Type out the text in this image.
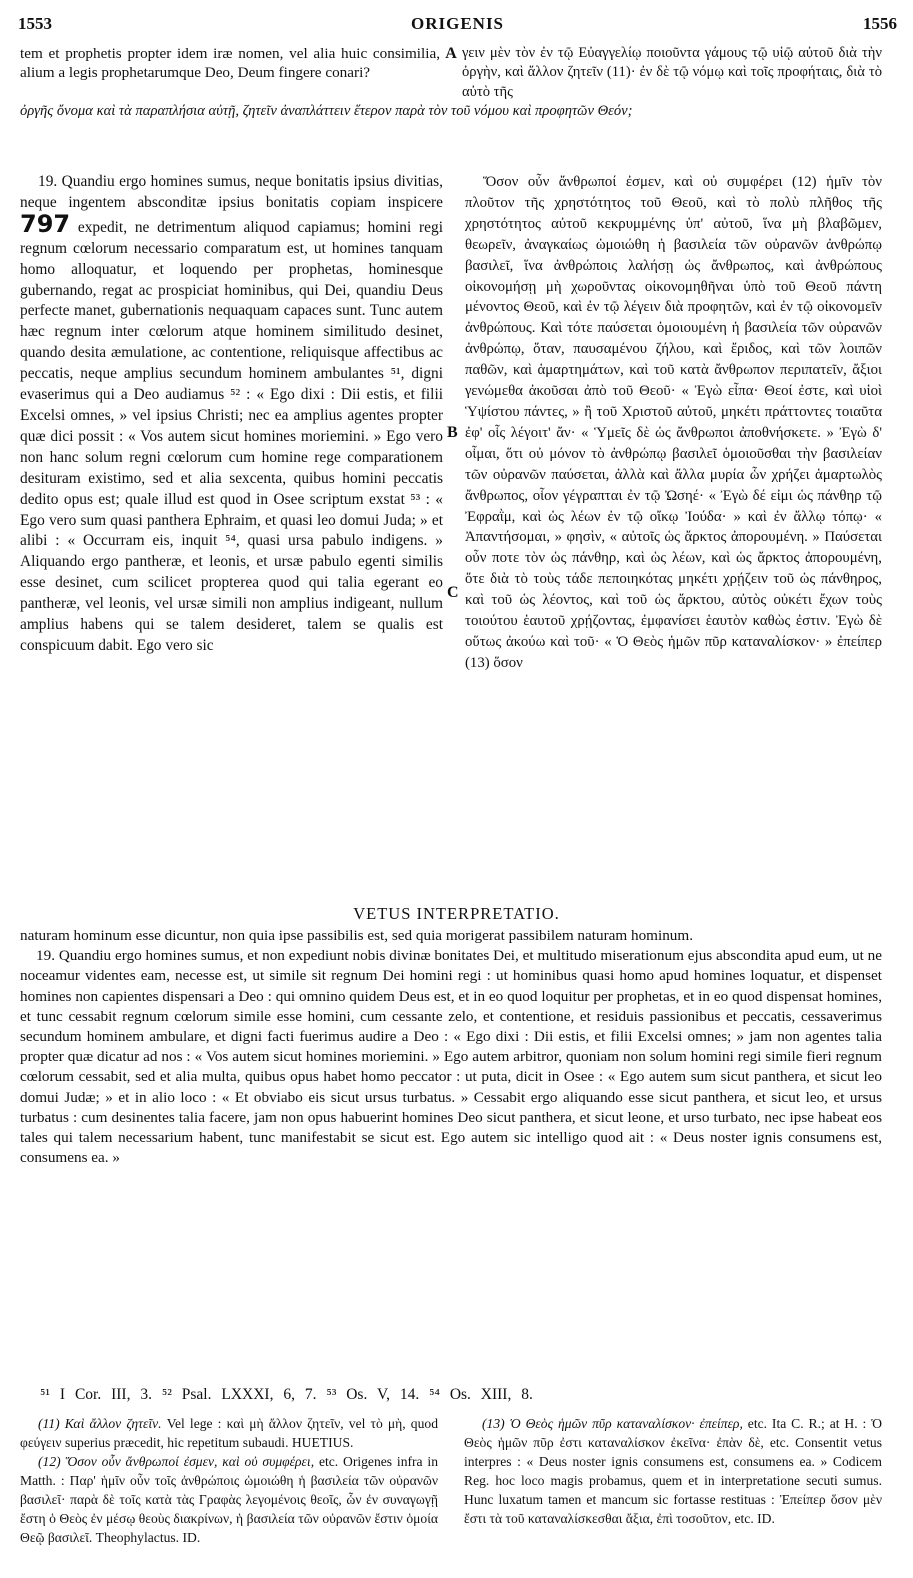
1553	ORIGENIS	1556
tem et prophetis propter idem iræ nomen, vel alia huic consimilia, alium a legis prophetarumque Deo, Deum fingere conari?
A γειν μὲν τὸν ἐν τῷ Εὐαγγελίῳ ποιοῦντα γάμους τῷ υἱῷ αὐτοῦ διὰ τὴν ὀργὴν, καὶ ἄλλον ζητεῖν (11)· ἐν δὲ τῷ νόμῳ καὶ τοῖς προφήταις, διὰ τὸ αὐτὸ τῆς
ὀργῆς ὄνομα καὶ τὰ παραπλήσια αὐτῇ, ζητεῖν ἀναπλάττειν ἕτερον παρὰ τὸν τοῦ νόμου καὶ προφητῶν Θεόν;

19. Quandiu ergo homines sumus, neque bonitatis ipsius divitias, neque ingentem absconditæ ipsius bonitatis copiam inspicere 797 expedit, ne detrimentum aliquod capiamus; homini regi regnum cœlorum necessario comparatum est, ut homines tanquam homo alloquatur, et loquendo per prophetas, hominesque gubernando, regat ac prospiciat hominibus, qui Dei, quandiu Deus perfecte manet, gubernationis nequaquam capaces sunt. Tunc autem hæc regnum inter cœlorum atque hominem similitudo desinet, quando desita æmulatione, ac contentione, reliquisque affectibus ac peccatis, neque amplius secundum hominem ambulantes ⁵¹, digni evaserimus qui a Deo audiamus ⁵² : « Ego dixi : Dii estis, et filii Excelsi omnes, » vel ipsius Christi; nec ea amplius agentes propter quæ dici possit : « Vos autem sicut homines moriemini. » Ego vero non hanc solum regni cœlorum cum homine rege comparationem desituram existimo, sed et alia sexcenta, quibus homini peccatis dedito opus est; quale illud est quod in Osee scriptum exstat ⁵³ : « Ego vero sum quasi panthera Ephraim, et quasi leo domui Juda; » et alibi : « Occurram eis, inquit ⁵⁴, quasi ursa pabulo indigens. » Aliquando ergo pantheræ, et leonis, et ursæ pabulo egenti similis esse desinet, cum scilicet propterea quod qui talia egerant eo pantheræ, vel leonis, vel ursæ simili non amplius indigeant, nullum amplius habens qui se talem desideret, talem se qualis est conspicuum dabit. Ego vero sic

B
C

Ὅσον οὖν ἄνθρωποί ἐσμεν, καὶ οὐ συμφέρει (12) ἡμῖν τὸν πλοῦτον τῆς χρηστότητος τοῦ Θεοῦ, καὶ τὸ πολὺ πλῆθος τῆς χρηστότητος αὐτοῦ κεκρυμμένης ὑπ' αὐτοῦ, ἵνα μὴ βλαβῶμεν, θεωρεῖν, ἀναγκαίως ὡμοιώθη ἡ βασιλεία τῶν οὐρανῶν ἀνθρώπῳ βασιλεῖ, ἵνα ἀνθρώποις λαλήσῃ ὡς ἄνθρωπος, καὶ ἀνθρώπους οἰκονομήσῃ μὴ χωροῦντας οἰκονομηθῆναι ὑπὸ τοῦ Θεοῦ πάντη μένοντος Θεοῦ, καὶ ἐν τῷ λέγειν διὰ προφητῶν, καὶ ἐν τῷ οἰκονομεῖν ἀνθρώπους. Καὶ τότε παύσεται ὁμοιουμένη ἡ βασιλεία τῶν οὐρανῶν ἀνθρώπῳ, ὅταν, παυσαμένου ζήλου, καὶ ἔριδος, καὶ τῶν λοιπῶν παθῶν, καὶ ἁμαρτημάτων, καὶ τοῦ κατὰ ἄνθρωπον περιπατεῖν, ἄξιοι γενώμεθα ἀκοῦσαι ἀπὸ τοῦ Θεοῦ· « Ἐγὼ εἶπα· Θεοί ἐστε, καὶ υἱοὶ Ὑψίστου πάντες, » ἢ τοῦ Χριστοῦ αὐτοῦ, μηκέτι πράττοντες τοιαῦτα ἐφ' οἷς λέγοιτ' ἄν· « Ὑμεῖς δὲ ὡς ἄνθρωποι ἀποθνήσκετε. » Ἐγὼ δ' οἶμαι, ὅτι οὐ μόνον τὸ ἀνθρώπῳ βασιλεῖ ὁμοιοῦσθαι τὴν βασιλείαν τῶν οὐρανῶν παύσεται, ἀλλὰ καὶ ἄλλα μυρία ὧν χρήζει ἁμαρτωλὸς ἄνθρωπος, οἷον γέγραπται ἐν τῷ Ὠσηέ· « Ἐγὼ δέ εἰμι ὡς πάνθηρ τῷ Ἐφραῒμ, καὶ ὡς λέων ἐν τῷ οἴκῳ Ἰούδα· » καὶ ἐν ἄλλῳ τόπῳ· « Ἀπαντήσομαι, » φησὶν, « αὐτοῖς ὡς ἄρκτος ἀπορουμένη. » Παύσεται οὖν ποτε τὸν ὡς πάνθηρ, καὶ ὡς λέων, καὶ ὡς ἄρκτος ἀπορουμένη, ὅτε διὰ τὸ τοὺς τάδε πεποιηκότας μηκέτι χρῄζειν τοῦ ὡς πάνθηρος, καὶ τοῦ ὡς λέοντος, καὶ τοῦ ὡς ἄρκτου, αὐτὸς οὐκέτι ἔχων τοὺς τοιούτου ἑαυτοῦ χρῄζοντας, ἐμφανίσει ἑαυτὸν καθὼς ἐστιν. Ἐγὼ δὲ οὕτως ἀκούω καὶ τοῦ· « Ὁ Θεὸς ἡμῶν πῦρ καταναλίσκον· » ἐπείπερ (13) ὅσον

VETUS INTERPRETATIO.

naturam hominum esse dicuntur, non quia ipse passibilis est, sed quia morigerat passibilem naturam hominum.

19. Quandiu ergo homines sumus, et non expediunt nobis divinæ bonitates Dei, et multitudo miserationum ejus abscondita apud eum, ut ne noceamur videntes eam, necesse est, ut simile sit regnum Dei homini regi : ut hominibus quasi homo apud homines loquatur, et dispenset homines non capientes dispensari a Deo : qui omnino quidem Deus est, et in eo quod loquitur per prophetas, et in eo quod dispensat homines, et tunc cessabit regnum cœlorum simile esse homini, cum cessante zelo, et contentione, et residuis passionibus et peccatis, cessaverimus secundum hominem ambulare, et digni facti fuerimus audire a Deo : « Ego dixi : Dii estis, et filii Excelsi omnes; » jam non agentes talia propter quæ dicatur ad nos : « Vos autem sicut homines moriemini. » Ego autem arbitror, quoniam non solum homini regi simile fieri regnum cœlorum cessabit, sed et alia multa, quibus opus habet homo peccator : ut puta, dicit in Osee : « Ego autem sum sicut panthera, et sicut leo domui Judæ; » et in alio loco : « Et obviabo eis sicut ursus turbatus. » Cessabit ergo aliquando esse sicut panthera, et sicut leo, et ursus turbatus : cum desinentes talia facere, jam non opus habuerint homines Deo sicut panthera, et sicut leone, et urso turbato, nec ipse habeat eos tales qui talem necessarium habent, tunc manifestabit se sicut est. Ego autem sic intelligo quod ait : « Deus noster ignis consumens est, consumens ea. »

⁵¹ I Cor. III, 3. ⁵² Psal. LXXXI, 6, 7. ⁵³ Os. V, 14. ⁵⁴ Os. XIII, 8.

(11) Καὶ ἄλλον ζητεῖν. Vel lege : καὶ μὴ ἄλλον ζητεῖν, vel τὸ μὴ, quod φεύγειν superius præcedit, hic repetitum subaudi. HUETIUS.

(12) Ὅσον οὖν ἄνθρωποί ἐσμεν, καὶ οὐ συμφέρει, etc. Origenes infra in Matth. : Παρ' ἡμῖν οὖν τοῖς ἀνθρώποις ὡμοιώθη ἡ βασιλεία τῶν οὐρανῶν βασιλεῖ· παρὰ δὲ τοῖς κατὰ τὰς Γραφὰς λεγομένοις θεοῖς, ὧν ἐν συναγωγῇ ἔστη ὁ Θεὸς ἐν μέσῳ θεοὺς διακρίνων, ἡ βασιλεία τῶν οὐρανῶν ἔστιν ὁμοία Θεῷ βασιλεῖ. Theophylactus. ID.

(13) Ὁ Θεὸς ἡμῶν πῦρ καταναλίσκον· ἐπείπερ, etc. Ita C. R.; at H. : Ὁ Θεὸς ἡμῶν πῦρ ἐστι καταναλίσκον ἐκεῖνα· ἐπὰν δὲ, etc. Consentit vetus interpres : « Deus noster ignis consumens est, consumens ea. » Codicem Reg. hoc loco magis probamus, quem et in interpretatione secuti sumus. Hunc luxatum tamen et mancum sic fortasse restituas : Ἐπείπερ ὅσον μὲν ἔστι τὰ τοῦ καταναλίσκεσθαι ἄξια, ἐπὶ τοσοῦτον, etc. ID.
